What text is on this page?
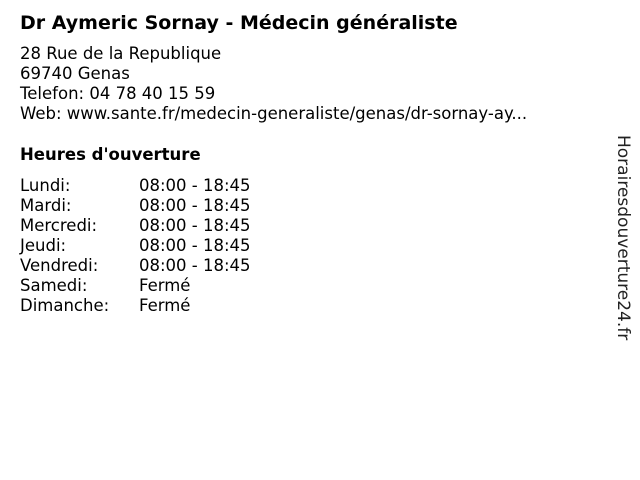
Dr Aymeric Sornay - Médecin généraliste
28 Rue de la Republique
69740 Genas
Telefon: 04 78 40 15 59
Web: www.sante.fr/medecin-generaliste/genas/dr-sornay-ay...
Heures d'ouverture
Lundi:	08:00 - 18:45
Mardi:	08:00 - 18:45
Mercredi:	08:00 - 18:45
Jeudi:	08:00 - 18:45
Vendredi:	08:00 - 18:45
Samedi:	Fermé
Dimanche:	Fermé	Horairesdouverture24.fr
